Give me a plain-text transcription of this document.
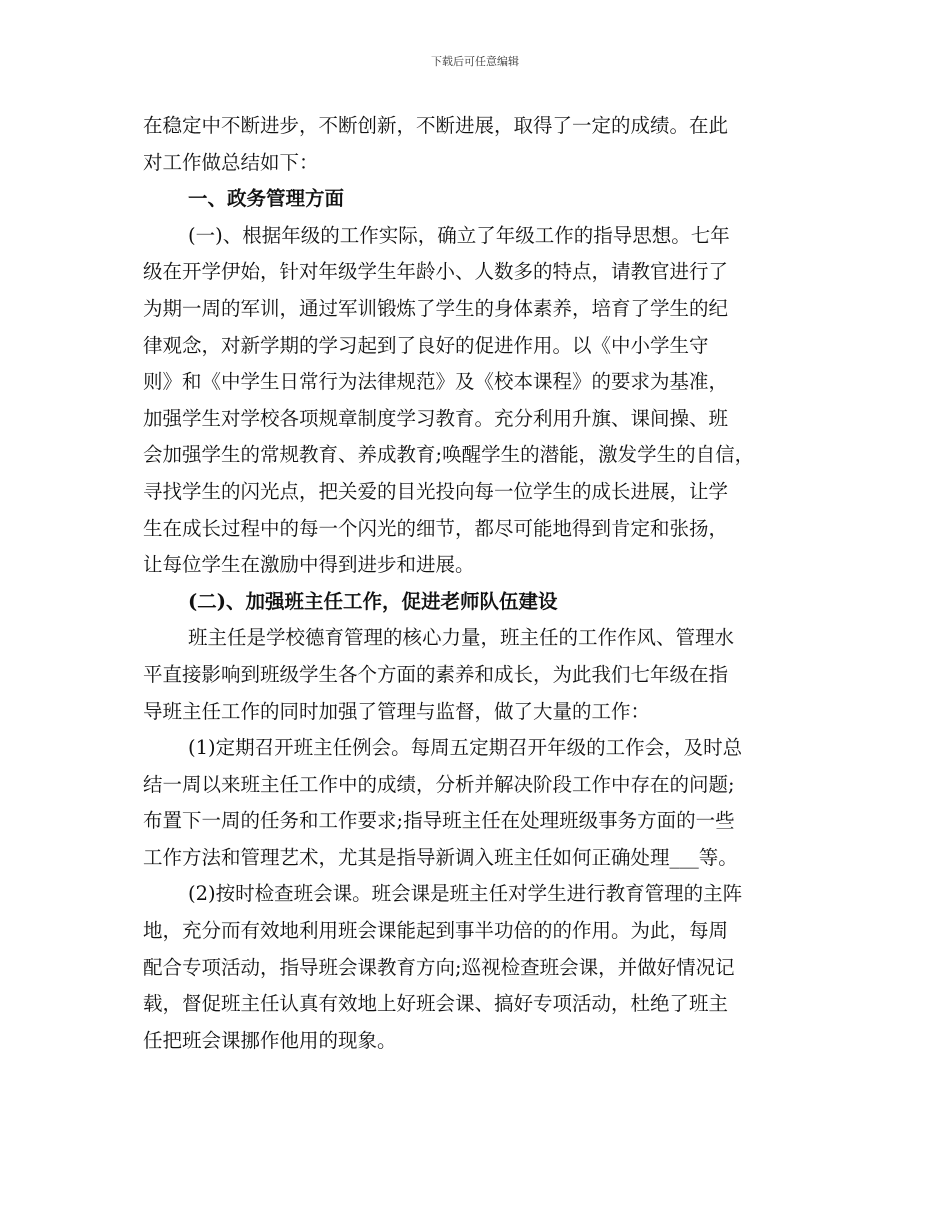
下载后可任意编辑

在稳定中不断进步，不断创新，不断进展，取得了一定的成绩。在此

对工作做总结如下：

一、政务管理方面

(一)、根据年级的工作实际，确立了年级工作的指导思想。七年

级在开学伊始，针对年级学生年龄小、人数多的特点，请教官进行了

为期一周的军训，通过军训锻炼了学生的身体素养，培育了学生的纪

律观念，对新学期的学习起到了良好的促进作用。以《中小学生守

则》和《中学生日常行为法律规范》及《校本课程》的要求为基准，

加强学生对学校各项规章制度学习教育。充分利用升旗、课间操、班

会加强学生的常规教育、养成教育;唤醒学生的潜能，激发学生的自信，

寻找学生的闪光点，把关爱的目光投向每一位学生的成长进展，让学

生在成长过程中的每一个闪光的细节，都尽可能地得到肯定和张扬，

让每位学生在激励中得到进步和进展。

(二)、加强班主任工作，促进老师队伍建设

班主任是学校德育管理的核心力量，班主任的工作作风、管理水

平直接影响到班级学生各个方面的素养和成长，为此我们七年级在指

导班主任工作的同时加强了管理与监督，做了大量的工作：

(1)定期召开班主任例会。每周五定期召开年级的工作会，及时总

结一周以来班主任工作中的成绩，分析并解决阶段工作中存在的问题;

布置下一周的任务和工作要求;指导班主任在处理班级事务方面的一些

工作方法和管理艺术，尤其是指导新调入班主任如何正确处理___等。

(2)按时检查班会课。班会课是班主任对学生进行教育管理的主阵

地，充分而有效地利用班会课能起到事半功倍的的作用。为此，每周

配合专项活动，指导班会课教育方向;巡视检查班会课，并做好情况记

载，督促班主任认真有效地上好班会课、搞好专项活动，杜绝了班主

任把班会课挪作他用的现象。
